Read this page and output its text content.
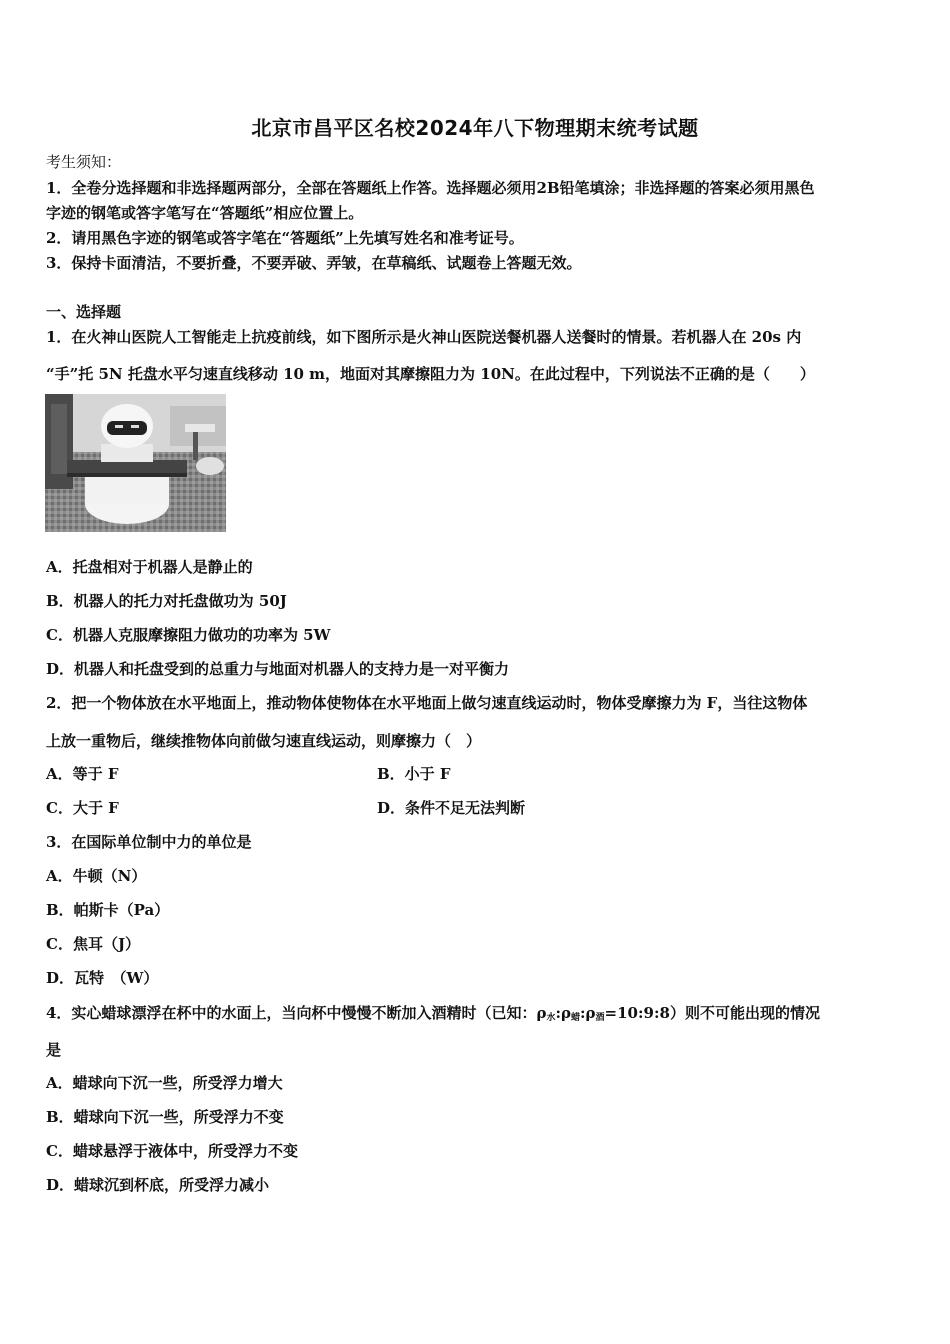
北京市昌平区名校2024年八下物理期末统考试题
考生须知：
1．全卷分选择题和非选择题两部分，全部在答题纸上作答。选择题必须用2B铅笔填涂；非选择题的答案必须用黑色
字迹的钢笔或答字笔写在“答题纸”相应位置上。
2．请用黑色字迹的钢笔或答字笔在“答题纸”上先填写姓名和准考证号。
3．保持卡面清洁，不要折叠，不要弄破、弄皱，在草稿纸、试题卷上答题无效。
一、选择题
1．在火神山医院人工智能走上抗疫前线，如下图所示是火神山医院送餐机器人送餐时的情景。若机器人在 20s 内
“手”托 5N 托盘水平匀速直线移动 10 m，地面对其摩擦阻力为 10N。在此过程中，下列说法不正确的是（　　）
A．托盘相对于机器人是静止的
B．机器人的托力对托盘做功为 50J
C．机器人克服摩擦阻力做功的功率为 5W
D．机器人和托盘受到的总重力与地面对机器人的支持力是一对平衡力
2．把一个物体放在水平地面上，推动物体使物体在水平地面上做匀速直线运动时，物体受摩擦力为 F，当往这物体
上放一重物后，继续推物体向前做匀速直线运动，则摩擦力（　）
A．等于 F	B．小于 F
C．大于 F	D．条件不足无法判断
3．在国际单位制中力的单位是
A．牛顿（N）
B．帕斯卡（Pa）
C．焦耳（J）
D．瓦特　（W）
4．实心蜡球漂浮在杯中的水面上，当向杯中慢慢不断加入酒精时（已知：$\rho_水:\rho_蜡:\rho_酒=10:9:8$）则不可能出现的情况
是
A．蜡球向下沉一些，所受浮力增大
B．蜡球向下沉一些，所受浮力不变
C．蜡球悬浮于液体中，所受浮力不变
D．蜡球沉到杯底，所受浮力减小
